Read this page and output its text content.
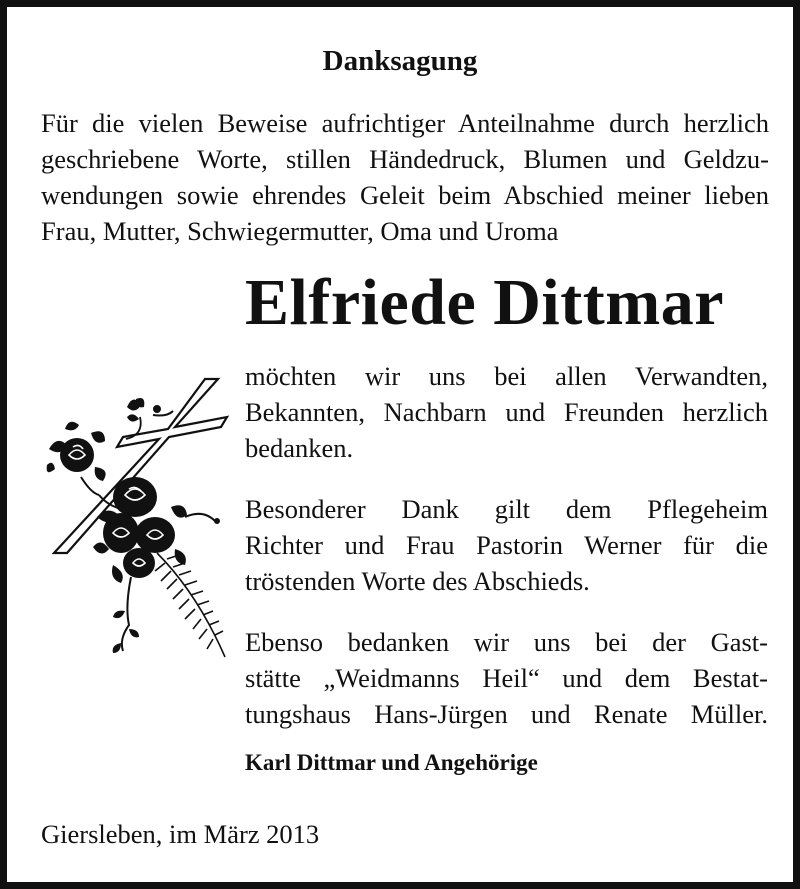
Danksagung
Für die vielen Beweise aufrichtiger Anteilnahme durch herzlich
geschriebene Worte, stillen Händedruck, Blumen und Geldzu-
wendungen sowie ehrendes Geleit beim Abschied meiner lieben
Frau, Mutter, Schwiegermutter, Oma und Uroma
Elfriede Dittmar
möchten wir uns bei allen Verwandten,
Bekannten, Nachbarn und Freunden herzlich
bedanken.
Besonderer Dank gilt dem Pflegeheim
Richter und Frau Pastorin Werner für die
tröstenden Worte des Abschieds.
Ebenso bedanken wir uns bei der Gast-
stätte „Weidmanns Heil“ und dem Bestat-
tungshaus Hans-Jürgen und Renate Müller.
Karl Dittmar und Angehörige
Giersleben, im März 2013
